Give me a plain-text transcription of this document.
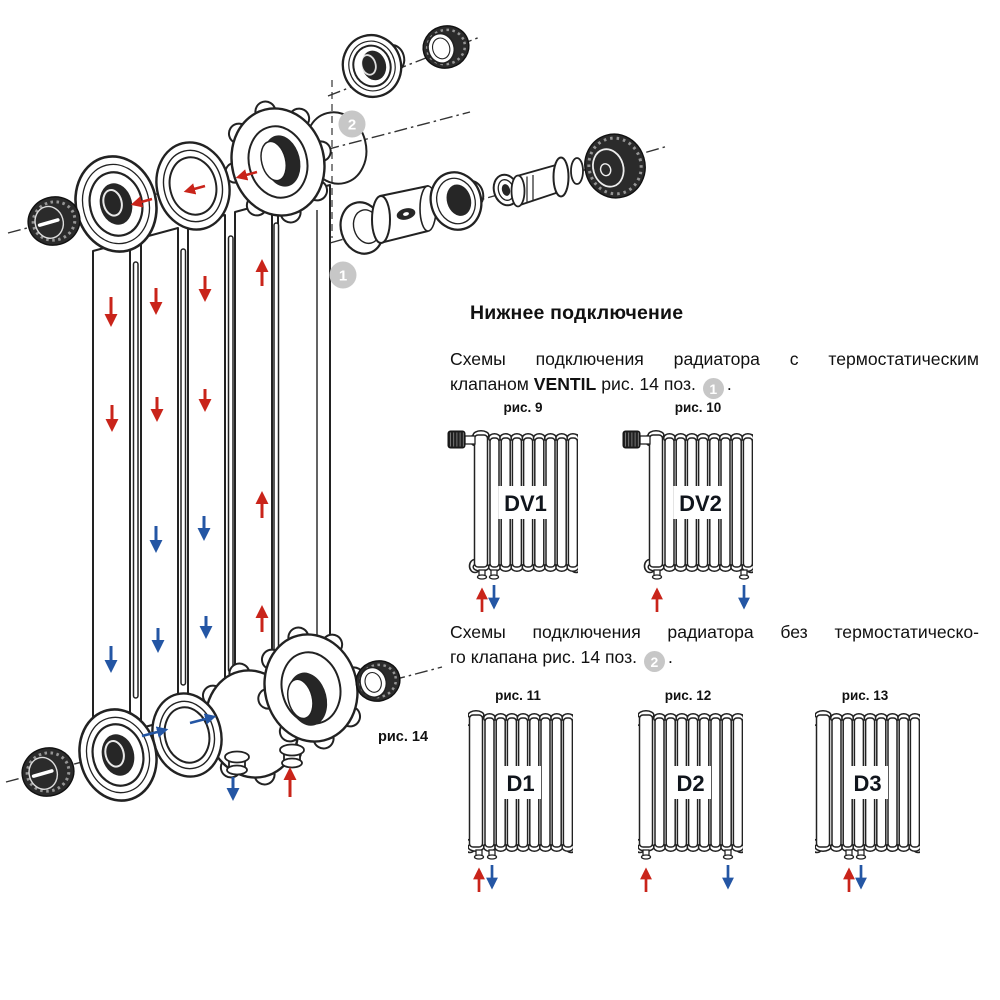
2
1
рис. 14
Нижнее подключение
Схемы подключения радиатора с термостатическим
клапаном VENTIL рис. 14 поз. 1 .
Схемы подключения радиатора без термостатическо-
го клапана рис. 14 поз. 2 .
рис. 9	рис. 10
рис. 11	рис. 12	рис. 13
DV1	DV2
D1	D2	D3
